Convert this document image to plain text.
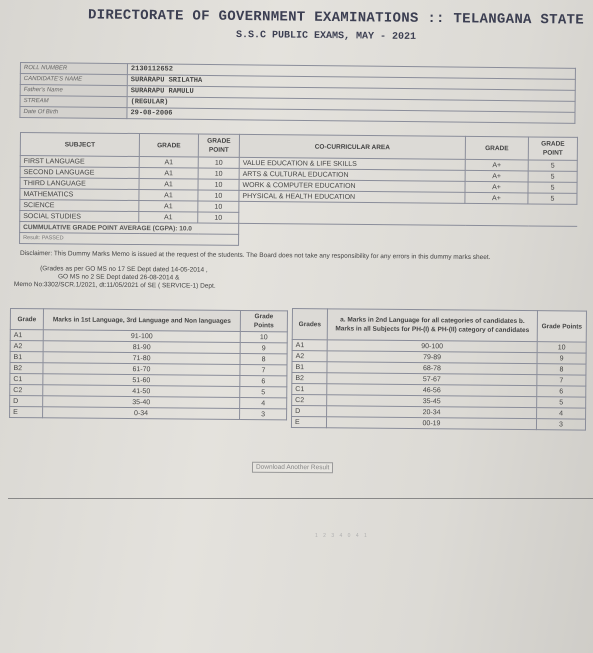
DIRECTORATE OF GOVERNMENT EXAMINATIONS :: TELANGANA STATE
S.S.C PUBLIC EXAMS, MAY - 2021
ROLL NUMBER	2130112652
CANDIDATE'S NAME	SURARAPU SRILATHA
Father's Name	SURARAPU RAMULU
STREAM	(REGULAR)
Date Of Birth	29-08-2006
SUBJECT	GRADE	GRADE POINT	CO-CURRICULAR AREA	GRADE	GRADE POINT
FIRST LANGUAGE	A1	10	VALUE EDUCATION & LIFE SKILLS	A+	5
SECOND LANGUAGE	A1	10	ARTS & CULTURAL EDUCATION	A+	5
THIRD LANGUAGE	A1	10	WORK & COMPUTER EDUCATION	A+	5
MATHEMATICS	A1	10	PHYSICAL & HEALTH EDUCATION	A+	5
SCIENCE	A1	10			
SOCIAL STUDIES	A1	10			
CUMMULATIVE GRADE POINT AVERAGE (CGPA): 10.0					
Result: PASSED					
Disclaimer: This Dummy Marks Memo is issued at the request of the students. The Board does not take any responsibility for any errors in this dummy marks sheet.
(Grades as per GO MS no 17 SE Dept dated 14-05-2014 ,
GO MS no 2 SE Dept dated 26-08-2014 &
Memo No:3302/SCR.1/2021, dt:11/05/2021 of SE ( SERVICE-1) Dept.
Grade	Marks in 1st Language, 3rd Language and Non languages	Grade Points
A1	91-100	10
A2	81-90	9
B1	71-80	8
B2	61-70	7
C1	51-60	6
C2	41-50	5
D	35-40	4
E	0-34	3
Grades	a. Marks in 2nd Language for all categories of candidates b. Marks in all Subjects for PH-(I) & PH-(II) category of candidates	Grade Points
A1	90-100	10
A2	79-89	9
B1	68-78	8
B2	57-67	7
C1	46-56	6
C2	35-45	5
D	20-34	4
E	00-19	3
Download Another Result
1 2 3 4 0 4 1
